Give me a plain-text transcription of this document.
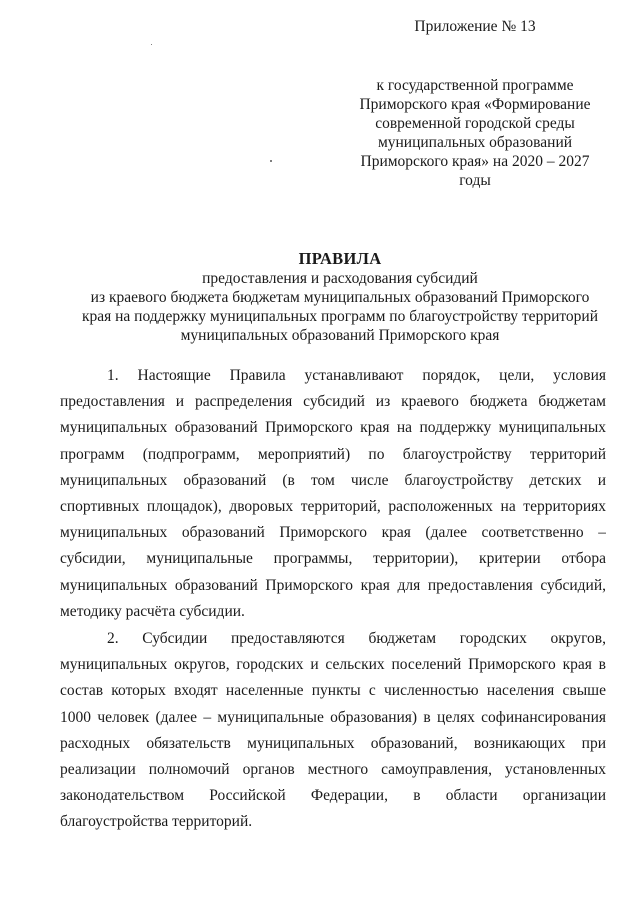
Приложение № 13
к государственной программе
Приморского края «Формирование
современной городской среды
муниципальных образований
Приморского края» на 2020 – 2027
годы
ПРАВИЛА
предоставления и расходования субсидий
из краевого бюджета бюджетам муниципальных образований Приморского
края на поддержку муниципальных программ по благоустройству территорий
муниципальных образований Приморского края
1. Настоящие Правила устанавливают порядок, цели, условия
предоставления и распределения субсидий из краевого бюджета бюджетам
муниципальных образований Приморского края на поддержку муниципальных
программ (подпрограмм, мероприятий) по благоустройству территорий
муниципальных образований (в том числе благоустройству детских и
спортивных площадок), дворовых территорий, расположенных на территориях
муниципальных образований Приморского края (далее соответственно –
субсидии, муниципальные программы, территории), критерии отбора
муниципальных образований Приморского края для предоставления субсидий,
методику расчёта субсидии.
2. Субсидии предоставляются бюджетам городских округов,
муниципальных округов, городских и сельских поселений Приморского края в
состав которых входят населенные пункты с численностью населения свыше
1000 человек (далее – муниципальные образования) в целях софинансирования
расходных обязательств муниципальных образований, возникающих при
реализации полномочий органов местного самоуправления, установленных
законодательством Российской Федерации, в области организации
благоустройства территорий.
